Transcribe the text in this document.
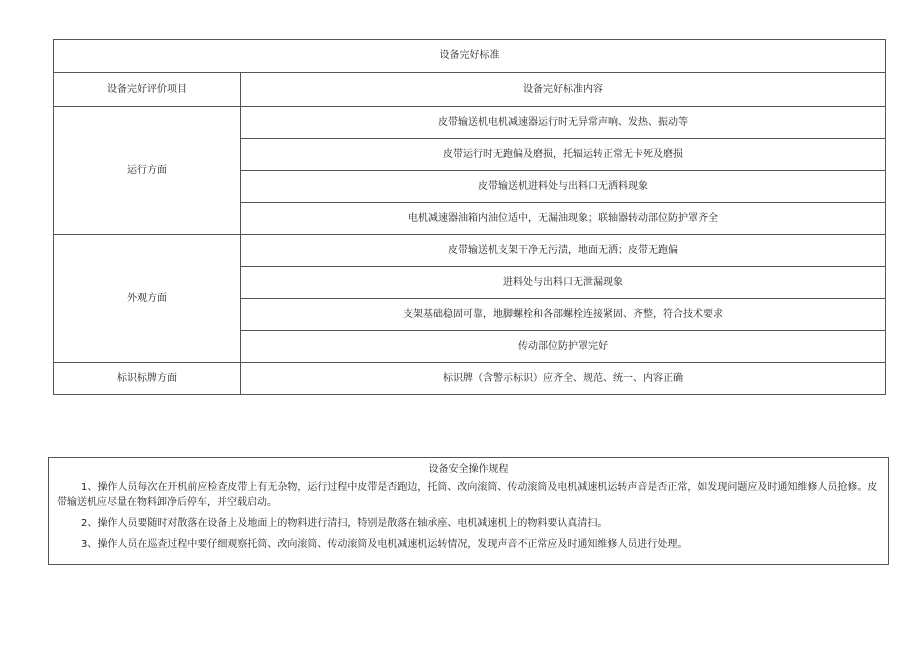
设备完好标准	
设备完好评价项目	设备完好标准内容
运行方面	皮带输送机电机减速器运行时无异常声响、发热、振动等
	皮带运行时无跑偏及磨损，托辐运转正常无卡死及磨损
	皮带输送机进料处与出料口无洒料现象
	电机减速器油箱内油位适中，无漏油现象；联轴器转动部位防护罩齐全
外观方面	皮带输送机支架干净无污渍，地面无洒；皮带无跑偏
	进料处与出料口无泄漏现象
	支架基础稳固可靠，地脚螺栓和各部螺栓连接紧固、齐整，符合技术要求
	传动部位防护罩完好
标识标牌方面	标识牌（含警示标识）应齐全、规范、统一、内容正确
设备安全操作规程

1、操作人员每次在开机前应检查皮带上有无杂物，运行过程中皮带是否跑边，托筒、改向滚筒、传动滚筒及电机减速机运转声音是否正常，如发现问题应及时通知维修人员抢修。皮带输送机应尽量在物料卸净后停车，并空载启动。

2、操作人员要随时对散落在设备上及地面上的物料进行清扫，特别是散落在轴承座、电机减速机上的物料要认真清扫。

3、操作人员在巡查过程中要仔细观察托筒、改向滚筒、传动滚筒及电机减速机运转情况，发现声音不正常应及时通知维修人员进行处理。
